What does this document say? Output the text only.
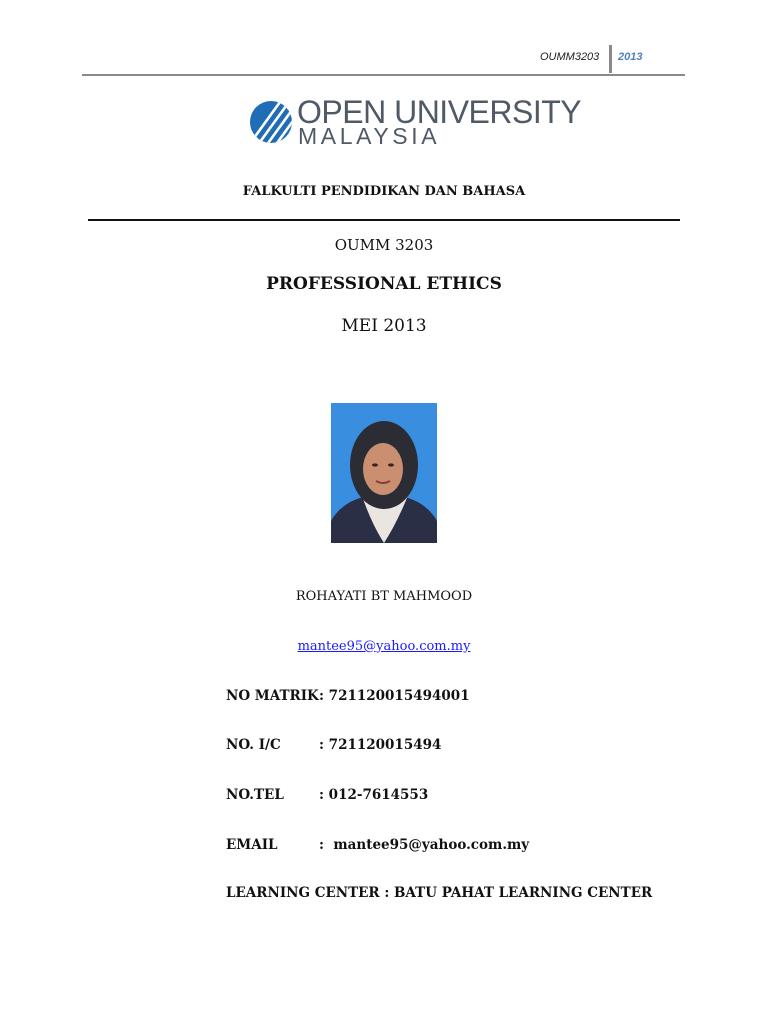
OUMM3203 2013
OPEN UNIVERSITY
MALAYSIA
FALKULTI PENDIDIKAN DAN BAHASA
OUMM 3203
PROFESSIONAL ETHICS
MEI 2013
ROHAYATI BT MAHMOOD
mantee95@yahoo.com.my
NO MATRIK: 721120015494001
NO. I/C	: 721120015494
NO.TEL	: 012-7614553
EMAIL	:  mantee95@yahoo.com.my
LEARNING CENTER : BATU PAHAT LEARNING CENTER
